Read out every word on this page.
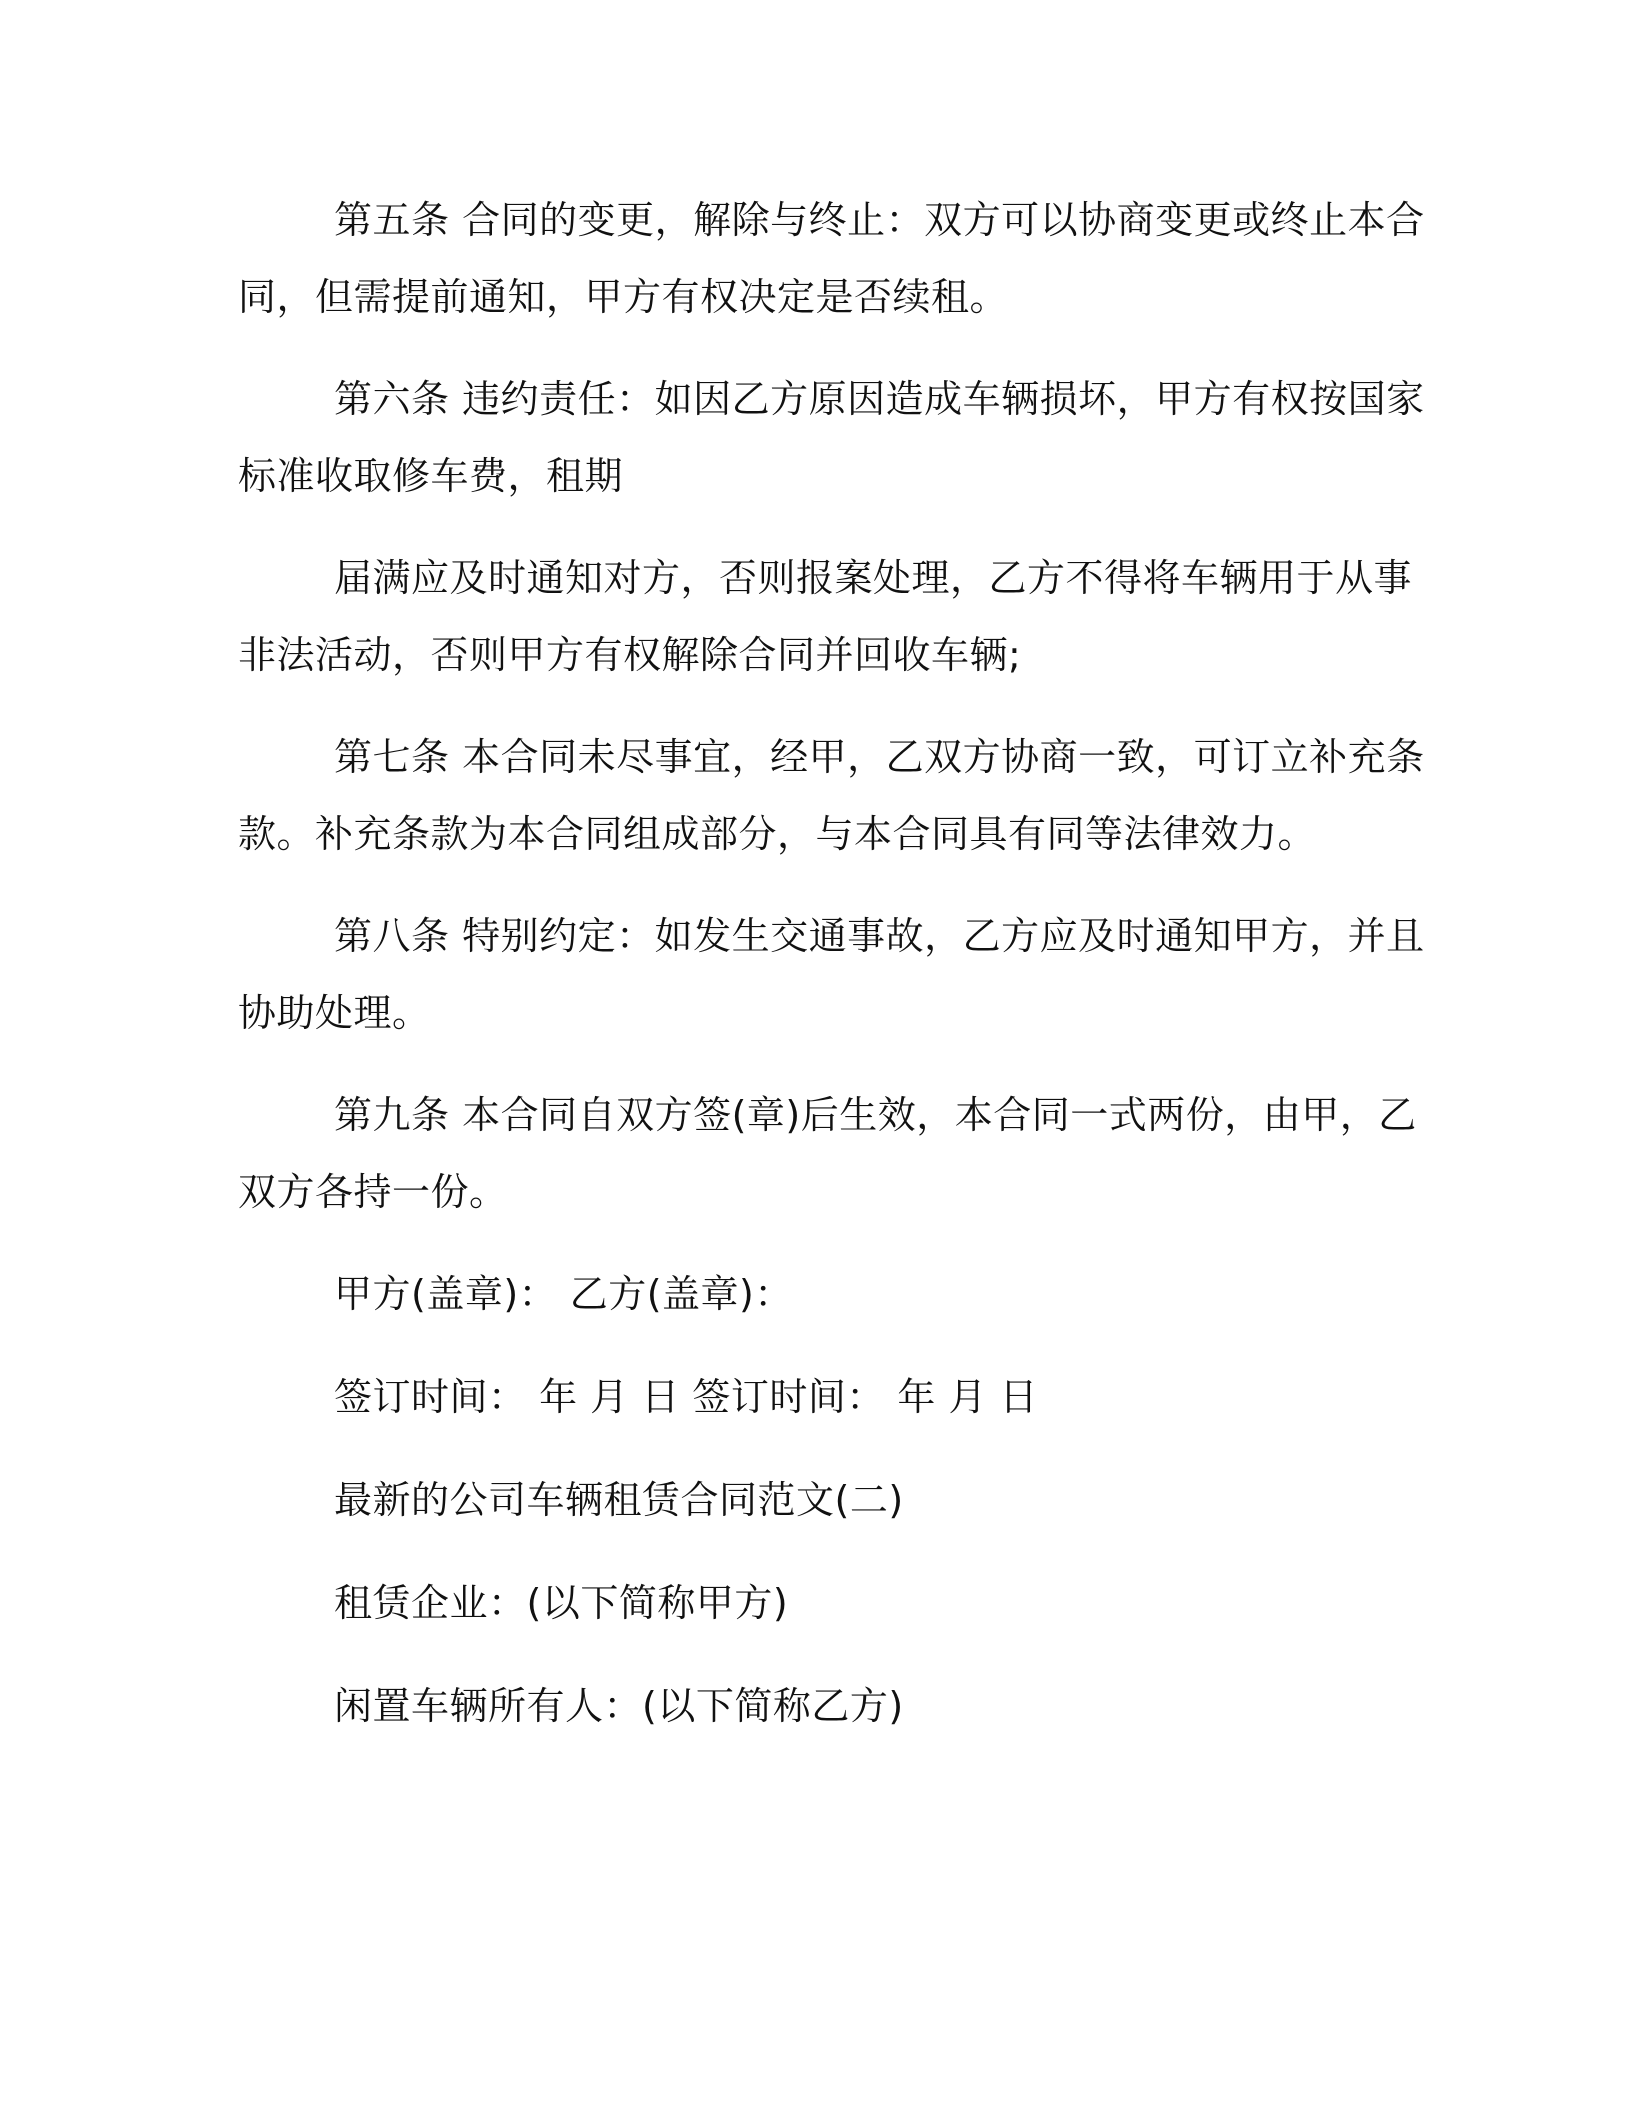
第五条 合同的变更，解除与终止：双方可以协商变更或终止本合
同，但需提前通知，甲方有权决定是否续租。
第六条 违约责任：如因乙方原因造成车辆损坏，甲方有权按国家
标准收取修车费，租期
届满应及时通知对方，否则报案处理，乙方不得将车辆用于从事
非法活动，否则甲方有权解除合同并回收车辆;
第七条 本合同未尽事宜，经甲，乙双方协商一致，可订立补充条
款。补充条款为本合同组成部分，与本合同具有同等法律效力。
第八条 特别约定：如发生交通事故，乙方应及时通知甲方，并且
协助处理。
第九条 本合同自双方签(章)后生效，本合同一式两份，由甲，乙
双方各持一份。
甲方(盖章)： 乙方(盖章)：
签订时间： 年 月 日 签订时间： 年 月 日
最新的公司车辆租赁合同范文(二)
租赁企业：(以下简称甲方)
闲置车辆所有人：(以下简称乙方)
